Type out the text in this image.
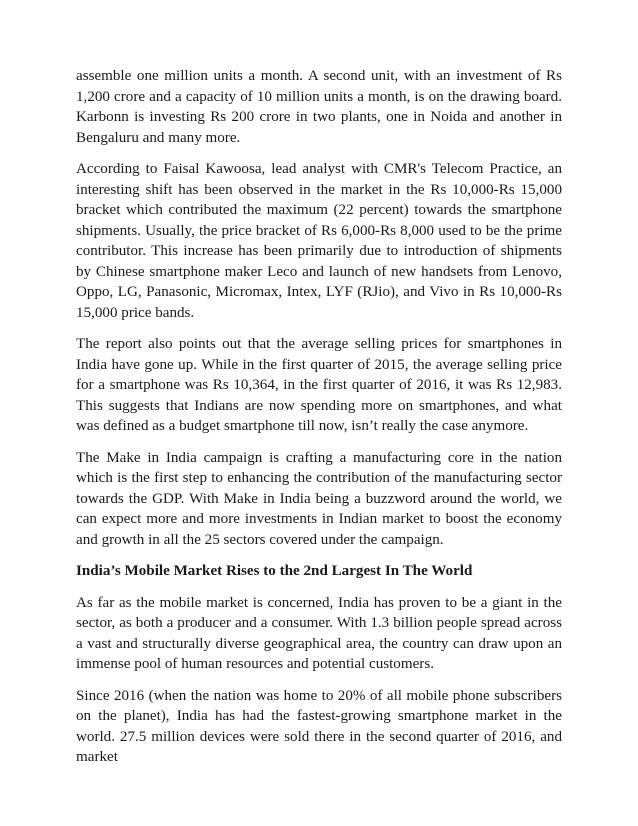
assemble one million units a month. A second unit, with an investment of Rs 1,200 crore and a capacity of 10 million units a month, is on the drawing board. Karbonn is investing Rs 200 crore in two plants, one in Noida and another in Bengaluru and many more.

According to Faisal Kawoosa, lead analyst with CMR's Telecom Practice, an interesting shift has been observed in the market in the Rs 10,000-Rs 15,000 bracket which contributed the maximum (22 percent) towards the smartphone shipments. Usually, the price bracket of Rs 6,000-Rs 8,000 used to be the prime contributor. This increase has been primarily due to introduction of shipments by Chinese smartphone maker Leco and launch of new handsets from Lenovo, Oppo, LG, Panasonic, Micromax, Intex, LYF (RJio), and Vivo in Rs 10,000-Rs 15,000 price bands.

The report also points out that the average selling prices for smartphones in India have gone up. While in the first quarter of 2015, the average selling price for a smartphone was Rs 10,364, in the first quarter of 2016, it was Rs 12,983. This suggests that Indians are now spending more on smartphones, and what was defined as a budget smartphone till now, isn’t really the case anymore.

The Make in India campaign is crafting a manufacturing core in the nation which is the first step to enhancing the contribution of the manufacturing sector towards the GDP. With Make in India being a buzzword around the world, we can expect more and more investments in Indian market to boost the economy and growth in all the 25 sectors covered under the campaign.

India’s Mobile Market Rises to the 2nd Largest In The World

As far as the mobile market is concerned, India has proven to be a giant in the sector, as both a producer and a consumer. With 1.3 billion people spread across a vast and structurally diverse geographical area, the country can draw upon an immense pool of human resources and potential customers.

Since 2016 (when the nation was home to 20% of all mobile phone subscribers on the planet), India has had the fastest-growing smartphone market in the world. 27.5 million devices were sold there in the second quarter of 2016, and market
